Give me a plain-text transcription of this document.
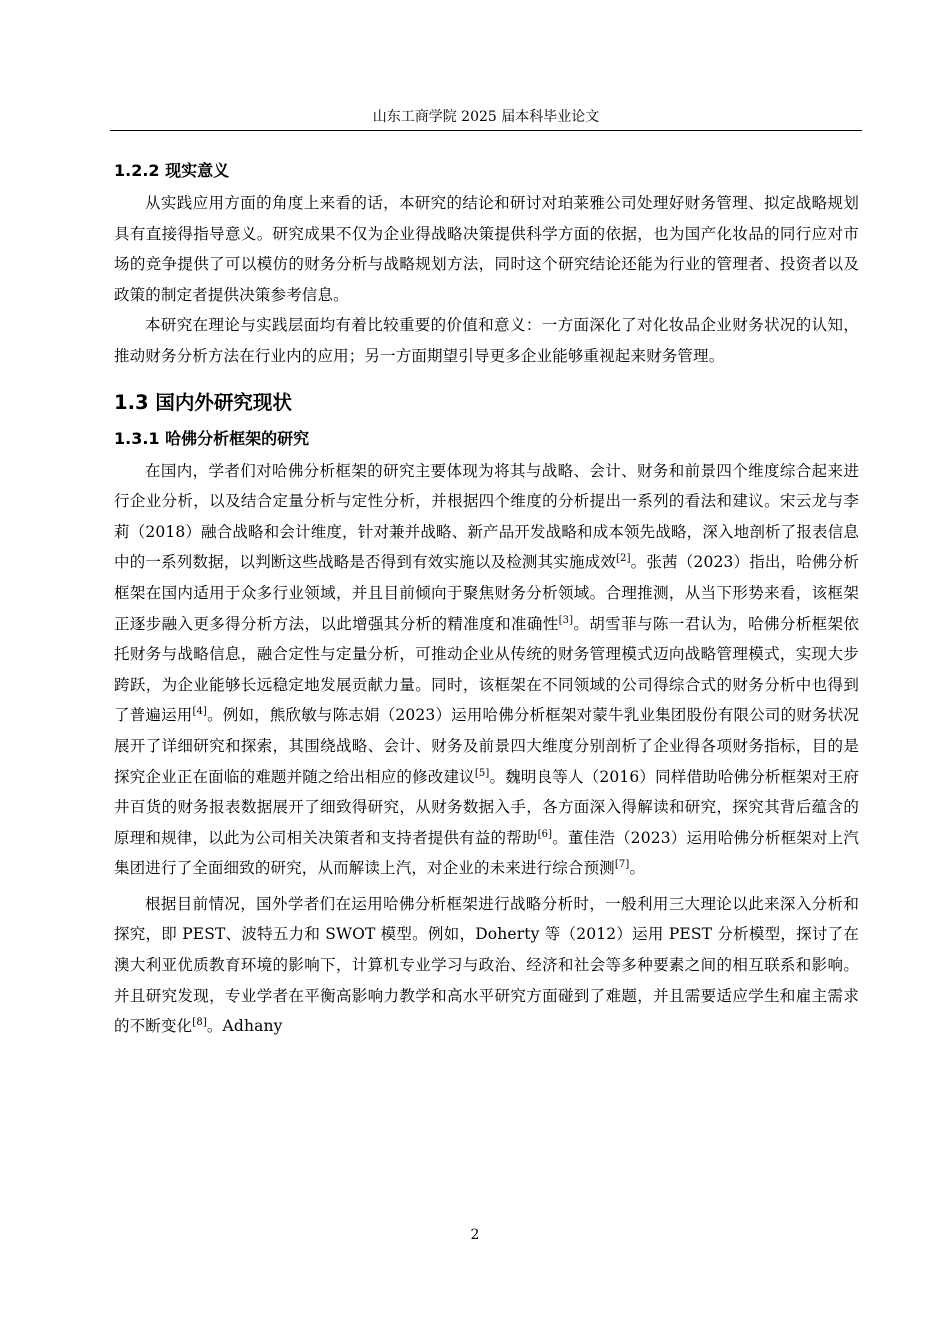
山东工商学院 2025 届本科毕业论文
1.2.2 现实意义

从实践应用方面的角度上来看的话，本研究的结论和研讨对珀莱雅公司处理好财务管理、拟定战略规划具有直接得指导意义。研究成果不仅为企业得战略决策提供科学方面的依据，也为国产化妆品的同行应对市场的竞争提供了可以模仿的财务分析与战略规划方法，同时这个研究结论还能为行业的管理者、投资者以及政策的制定者提供决策参考信息。

本研究在理论与实践层面均有着比较重要的价值和意义：一方面深化了对化妆品企业财务状况的认知，推动财务分析方法在行业内的应用；另一方面期望引导更多企业能够重视起来财务管理。

1.3 国内外研究现状
1.3.1 哈佛分析框架的研究

在国内，学者们对哈佛分析框架的研究主要体现为将其与战略、会计、财务和前景四个维度综合起来进行企业分析，以及结合定量分析与定性分析，并根据四个维度的分析提出一系列的看法和建议。宋云龙与李莉（2018）融合战略和会计维度，针对兼并战略、新产品开发战略和成本领先战略，深入地剖析了报表信息中的一系列数据，以判断这些战略是否得到有效实施以及检测其实施成效[2]。张茜（2023）指出，哈佛分析框架在国内适用于众多行业领域，并且目前倾向于聚焦财务分析领域。合理推测，从当下形势来看，该框架正逐步融入更多得分析方法，以此增强其分析的精准度和准确性[3]。胡雪菲与陈一君认为，哈佛分析框架依托财务与战略信息，融合定性与定量分析，可推动企业从传统的财务管理模式迈向战略管理模式，实现大步跨跃，为企业能够长远稳定地发展贡献力量。同时，该框架在不同领域的公司得综合式的财务分析中也得到了普遍运用[4]。例如，熊欣敏与陈志娟（2023）运用哈佛分析框架对蒙牛乳业集团股份有限公司的财务状况展开了详细研究和探索，其围绕战略、会计、财务及前景四大维度分别剖析了企业得各项财务指标，目的是探究企业正在面临的难题并随之给出相应的修改建议[5]。魏明良等人（2016）同样借助哈佛分析框架对王府井百货的财务报表数据展开了细致得研究，从财务数据入手，各方面深入得解读和研究，探究其背后蕴含的原理和规律，以此为公司相关决策者和支持者提供有益的帮助[6]。董佳浩（2023）运用哈佛分析框架对上汽集团进行了全面细致的研究，从而解读上汽，对企业的未来进行综合预测[7]。

根据目前情况，国外学者们在运用哈佛分析框架进行战略分析时，一般利用三大理论以此来深入分析和探究，即 PEST、波特五力和 SWOT 模型。例如，Doherty 等（2012）运用 PEST 分析模型，探讨了在澳大利亚优质教育环境的影响下，计算机专业学习与政治、经济和社会等多种要素之间的相互联系和影响。并且研究发现，专业学者在平衡高影响力教学和高水平研究方面碰到了难题，并且需要适应学生和雇主需求的不断变化[8]。Adhany

2
